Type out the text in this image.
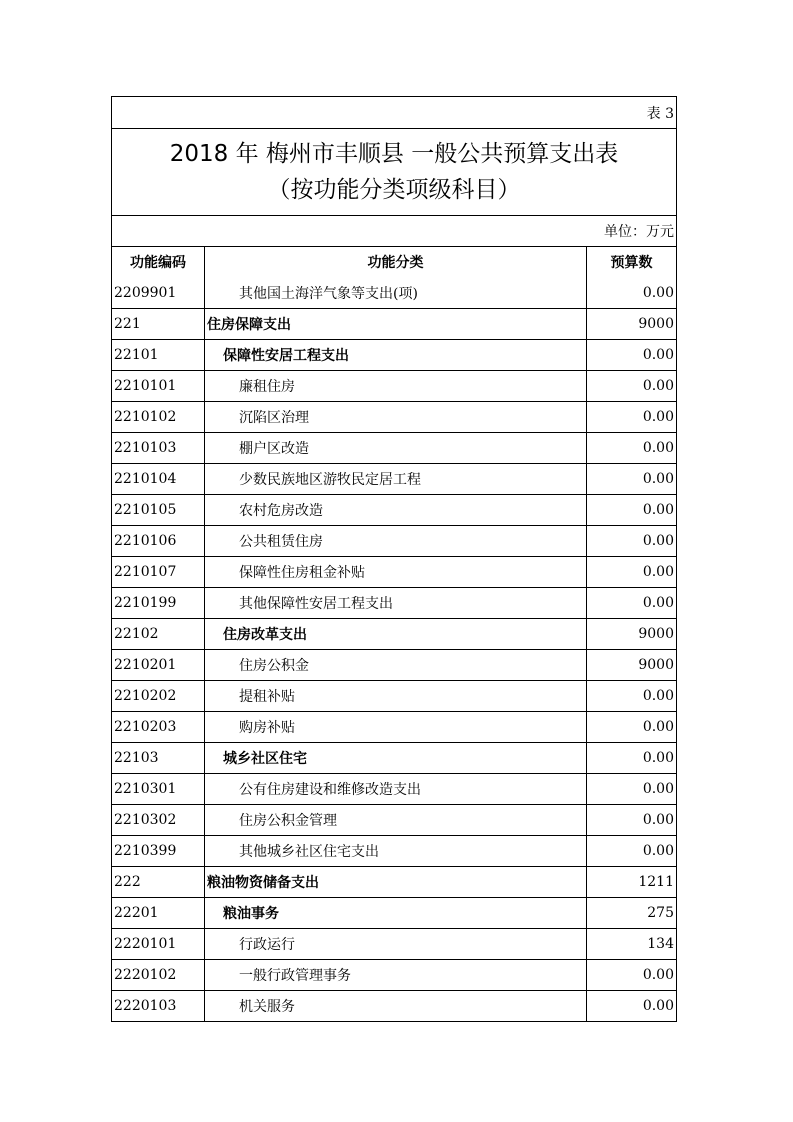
表 3
2018 年 梅州市丰顺县 一般公共预算支出表
（按功能分类项级科目）
单位：万元
功能编码	功能分类	预算数
2209901	其他国土海洋气象等支出(项)	0.00
221	住房保障支出	9000
22101	保障性安居工程支出	0.00
2210101	廉租住房	0.00
2210102	沉陷区治理	0.00
2210103	棚户区改造	0.00
2210104	少数民族地区游牧民定居工程	0.00
2210105	农村危房改造	0.00
2210106	公共租赁住房	0.00
2210107	保障性住房租金补贴	0.00
2210199	其他保障性安居工程支出	0.00
22102	住房改革支出	9000
2210201	住房公积金	9000
2210202	提租补贴	0.00
2210203	购房补贴	0.00
22103	城乡社区住宅	0.00
2210301	公有住房建设和维修改造支出	0.00
2210302	住房公积金管理	0.00
2210399	其他城乡社区住宅支出	0.00
222	粮油物资储备支出	1211
22201	粮油事务	275
2220101	行政运行	134
2220102	一般行政管理事务	0.00
2220103	机关服务	0.00
